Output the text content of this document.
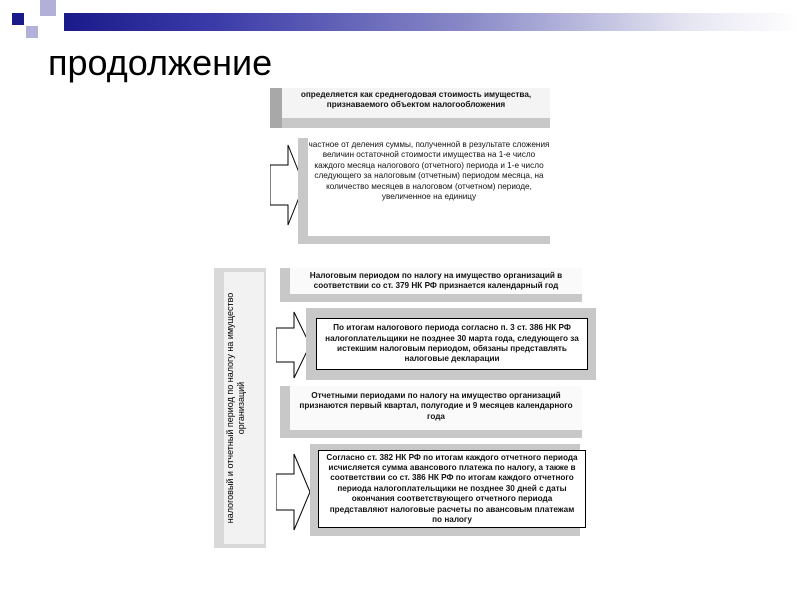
продолжение
определяется как среднегодовая стоимость имущества, признаваемого объектом налогообложения
частное от деления суммы, полученной в результате сложения величин остаточной стоимости имущества на 1-е число каждого месяца налогового (отчетного) периода и 1-е число следующего за налоговым (отчетным) периодом месяца, на количество месяцев в налоговом (отчетном) периоде, увеличенное на единицу
налоговый и отчетный период по налогу на имущество организаций
Налоговым периодом по налогу на имущество организаций в соответствии со ст. 379 НК РФ признается календарный год
По итогам налогового периода согласно п. 3 ст. 386 НК РФ налогоплательщики не позднее 30 марта года, следующего за истекшим налоговым периодом, обязаны представлять налоговые декларации
Отчетными периодами по налогу на имущество организаций признаются первый квартал, полугодие и 9 месяцев календарного года
Согласно ст. 382 НК РФ по итогам каждого отчетного периода исчисляется сумма авансового платежа по налогу, а также в соответствии со ст. 386 НК РФ по итогам каждого отчетного периода налогоплательщики не позднее 30 дней с даты окончания соответствующего отчетного периода представляют налоговые расчеты по авансовым платежам по налогу
